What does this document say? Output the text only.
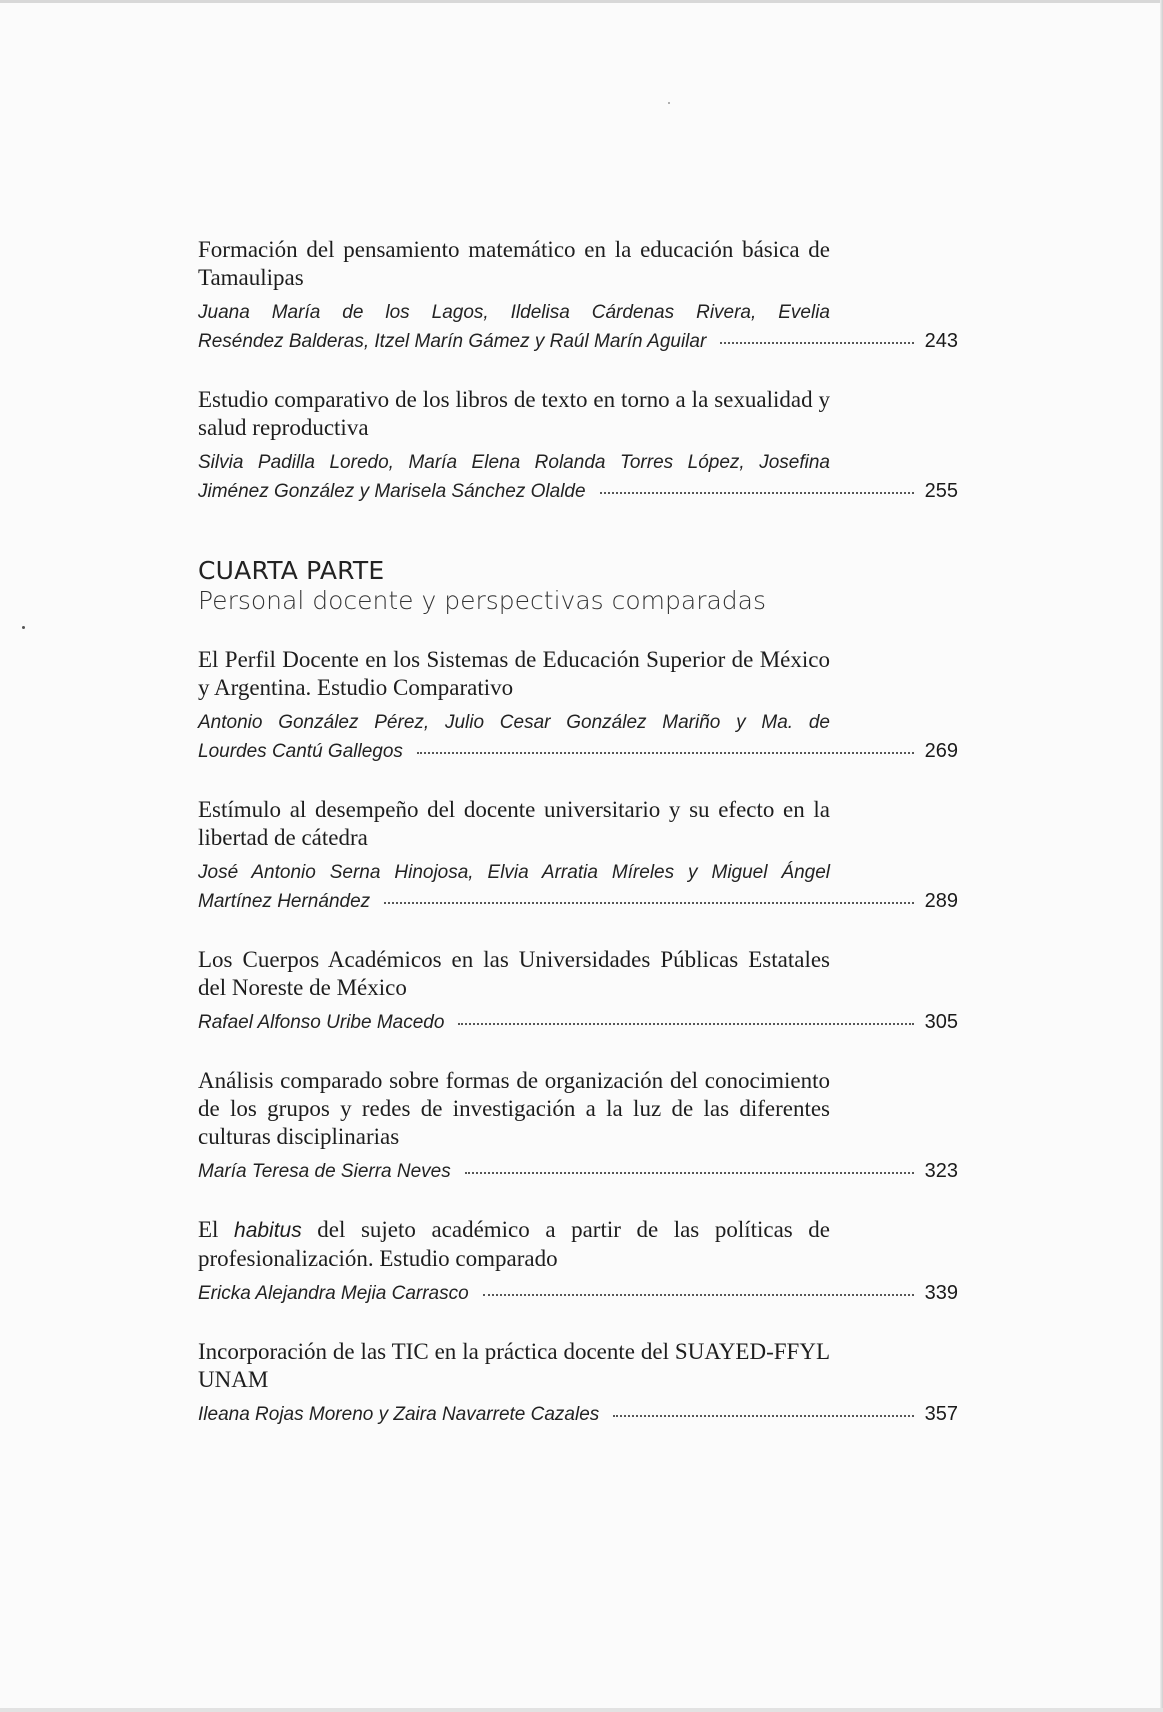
Formación del pensamiento matemático en la educación básica de Tamaulipas
Juana María de los Lagos, Ildelisa Cárdenas Rivera, Evelia
Reséndez Balderas, Itzel Marín Gámez y Raúl Marín Aguilar	243
Estudio comparativo de los libros de texto en torno a la sexualidad y salud reproductiva
Silvia Padilla Loredo, María Elena Rolanda Torres López, Josefina
Jiménez González y Marisela Sánchez Olalde	255
CUARTA PARTE
Personal docente y perspectivas comparadas
El Perfil Docente en los Sistemas de Educación Superior de México y Argentina. Estudio Comparativo
Antonio González Pérez, Julio Cesar González Mariño y Ma. de
Lourdes Cantú Gallegos	269
Estímulo al desempeño del docente universitario y su efecto en la libertad de cátedra
José Antonio Serna Hinojosa, Elvia Arratia Míreles y Miguel Ángel
Martínez Hernández	289
Los Cuerpos Académicos en las Universidades Públicas Estatales del Noreste de México
Rafael Alfonso Uribe Macedo	305
Análisis comparado sobre formas de organización del conocimiento de los grupos y redes de investigación a la luz de las diferentes culturas disciplinarias
María Teresa de Sierra Neves	323
El habitus del sujeto académico a partir de las políticas de profesionalización. Estudio comparado
Ericka Alejandra Mejia Carrasco	339
Incorporación de las TIC en la práctica docente del SUAYED-FFYL UNAM
Ileana Rojas Moreno y Zaira Navarrete Cazales	357
